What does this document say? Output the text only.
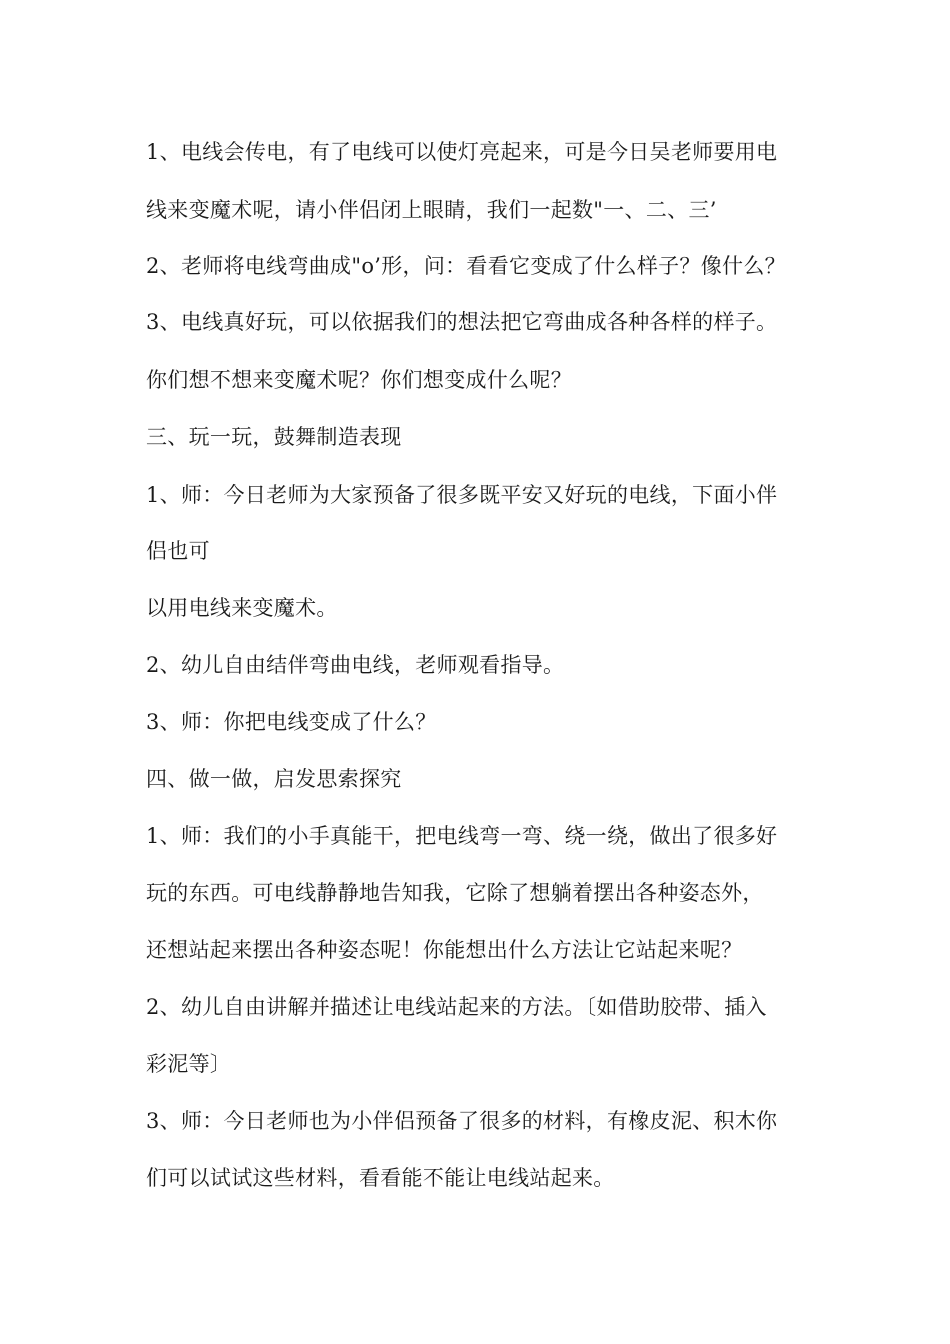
1、电线会传电，有了电线可以使灯亮起来，可是今日吴老师要用电
线来变魔术呢，请小伴侣闭上眼睛，我们一起数"一、二、三’
2、老师将电线弯曲成"o’形，问：看看它变成了什么样子？像什么？
3、电线真好玩，可以依据我们的想法把它弯曲成各种各样的样子。
你们想不想来变魔术呢？你们想变成什么呢？
三、玩一玩，鼓舞制造表现
1、师：今日老师为大家预备了很多既平安又好玩的电线，下面小伴
侣也可
以用电线来变魔术。
2、幼儿自由结伴弯曲电线，老师观看指导。
3、师：你把电线变成了什么？
四、做一做，启发思索探究
1、师：我们的小手真能干，把电线弯一弯、绕一绕，做出了很多好
玩的东西。可电线静静地告知我，它除了想躺着摆出各种姿态外，
还想站起来摆出各种姿态呢！你能想出什么方法让它站起来呢？
2、幼儿自由讲解并描述让电线站起来的方法。〔如借助胶带、插入
彩泥等〕
3、师：今日老师也为小伴侣预备了很多的材料，有橡皮泥、积木你
们可以试试这些材料，看看能不能让电线站起来。
